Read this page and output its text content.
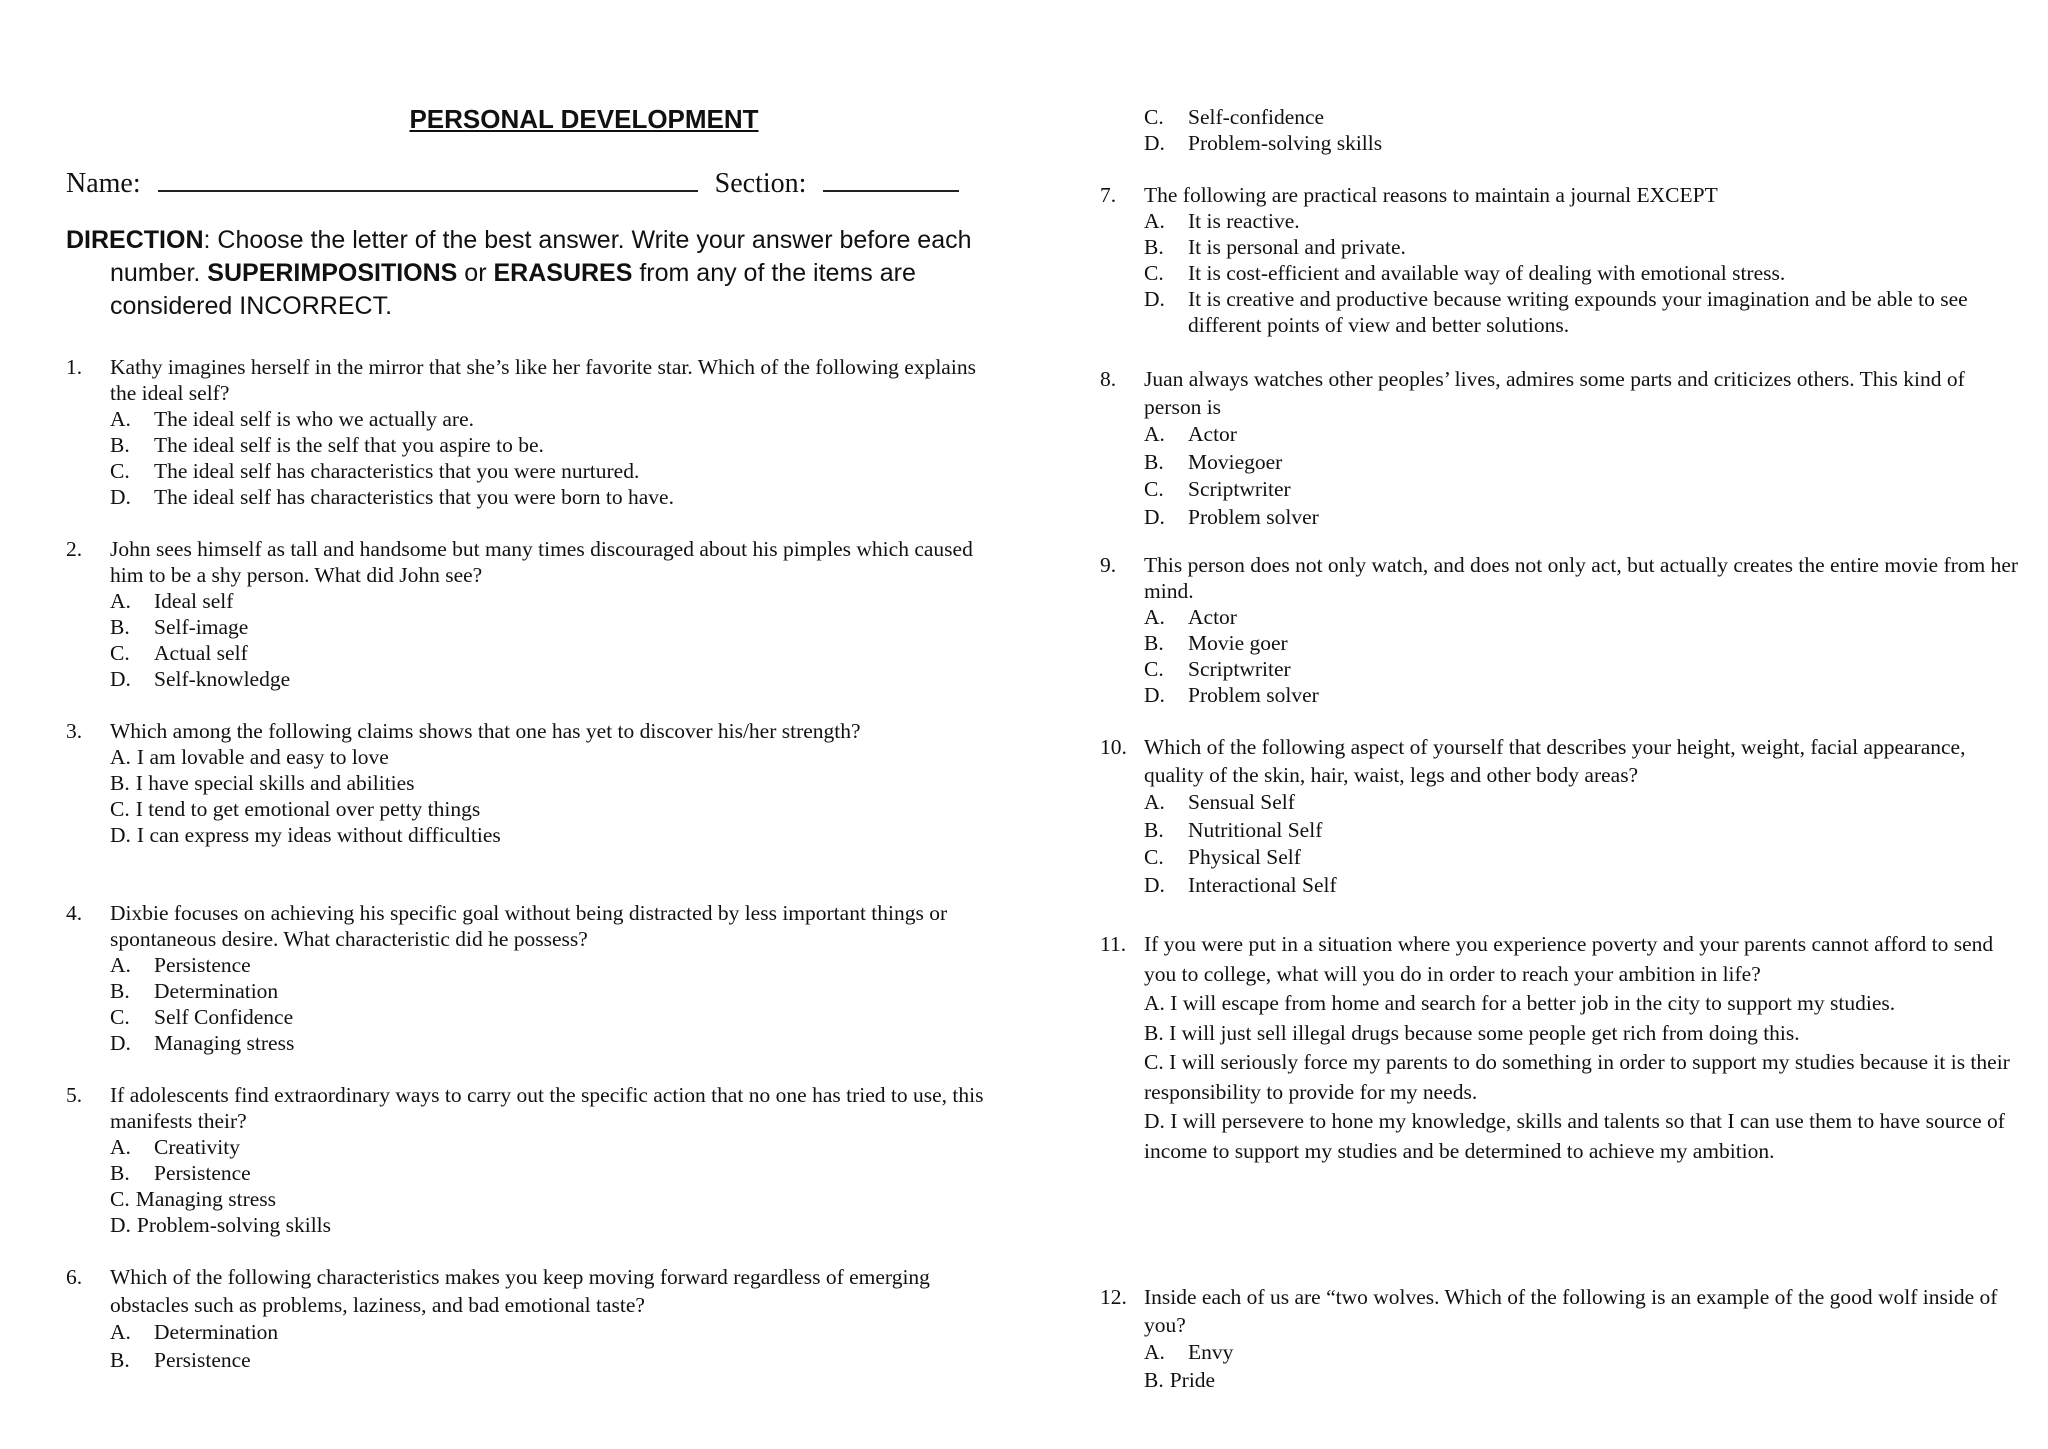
PERSONAL DEVELOPMENT
Name:	Section:
DIRECTION: Choose the letter of the best answer. Write your answer before each
number. SUPERIMPOSITIONS or ERASURES from any of the items are
considered INCORRECT.
1.	Kathy imagines herself in the mirror that she’s like her favorite star. Which of the following explains the ideal self?
A.	The ideal self is who we actually are.
B.	The ideal self is the self that you aspire to be.
C.	The ideal self has characteristics that you were nurtured.
D.	The ideal self has characteristics that you were born to have.
2.	John sees himself as tall and handsome but many times discouraged about his pimples which caused him to be a shy person. What did John see?
A.	Ideal self
B.	Self-image
C.	Actual self
D.	Self-knowledge
3.	Which among the following claims shows that one has yet to discover his/her strength?
A. I am lovable and easy to love
B. I have special skills and abilities
C. I tend to get emotional over petty things
D. I can express my ideas without difficulties
4.	Dixbie focuses on achieving his specific goal without being distracted by less important things or spontaneous desire. What characteristic did he possess?
A.	Persistence
B.	Determination
C.	Self Confidence
D.	Managing stress
5.	If adolescents find extraordinary ways to carry out the specific action that no one has tried to use, this manifests their?
A.	Creativity
B.	Persistence
C. Managing stress
D. Problem-solving skills
6.	Which of the following characteristics makes you keep moving forward regardless of emerging obstacles such as problems, laziness, and bad emotional taste?
A.	Determination
B.	Persistence
C.	Self-confidence
D.	Problem-solving skills
7.	The following are practical reasons to maintain a journal EXCEPT
A.	It is reactive.
B.	It is personal and private.
C.	It is cost-efficient and available way of dealing with emotional stress.
D.	It is creative and productive because writing expounds your imagination and be able to see different points of view and better solutions.
8.	Juan always watches other peoples’ lives, admires some parts and criticizes others. This kind of person is
A.	Actor
B.	Moviegoer
C.	Scriptwriter
D.	Problem solver
9.	This person does not only watch, and does not only act, but actually creates the entire movie from her mind.
A.	Actor
B.	Movie goer
C.	Scriptwriter
D.	Problem solver
10. Which of the following aspect of yourself that describes your height, weight, facial appearance, quality of the skin, hair, waist, legs and other body areas?
A.	Sensual Self
B.	Nutritional Self
C.	Physical Self
D.	Interactional Self
11. If you were put in a situation where you experience poverty and your parents cannot afford to send you to college, what will you do in order to reach your ambition in life?
A. I will escape from home and search for a better job in the city to support my studies.
B. I will just sell illegal drugs because some people get rich from doing this.
C. I will seriously force my parents to do something in order to support my studies because it is their responsibility to provide for my needs.
D. I will persevere to hone my knowledge, skills and talents so that I can use them to have source of income to support my studies and be determined to achieve my ambition.
12. Inside each of us are “two wolves. Which of the following is an example of the good wolf inside of you?
A.	Envy
B. Pride
